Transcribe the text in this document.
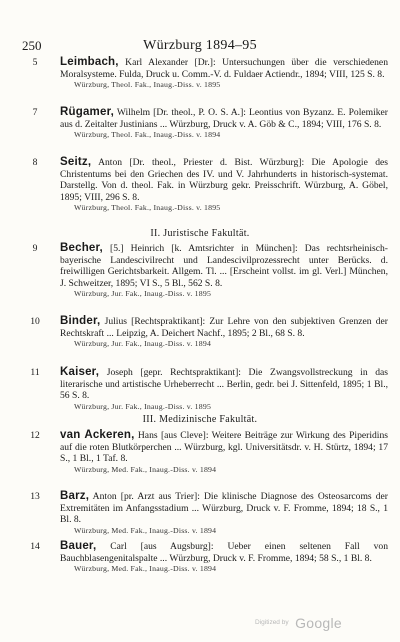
250	Würzburg 1894–95
5	Leimbach, Karl Alexander [Dr.]: Untersuchungen über die verschiedenen Moralsysteme. Fulda, Druck u. Comm.-V. d. Fuldaer Actiendr., 1894; VIII, 125 S. 8.
Würzburg, Theol. Fak., Inaug.-Diss. v. 1895
7	Rügamer, Wilhelm [Dr. theol., P. O. S. A.]: Leontius von Byzanz. E. Polemiker aus d. Zeitalter Justinians ... Würzburg, Druck v. A. Göb & C., 1894; VIII, 176 S. 8.
Würzburg, Theol. Fak., Inaug.-Diss. v. 1894
8	Seitz, Anton [Dr. theol., Priester d. Bist. Würzburg]: Die Apologie des Christentums bei den Griechen des IV. und V. Jahrhunderts in historisch-systemat. Darstellg. Von d. theol. Fak. in Würzburg gekr. Preisschrift. Würzburg, A. Göbel, 1895; VIII, 296 S. 8.
Würzburg, Theol. Fak., Inaug.-Diss. v. 1895
II. Juristische Fakultät.
9	Becher, [5.] Heinrich [k. Amtsrichter in München]: Das rechtsrheinisch-bayerische Landescivilrecht und Landescivilprozessrecht unter Berücks. d. freiwilligen Gerichtsbarkeit. Allgem. Tl. ... [Erscheint vollst. im gl. Verl.] München, J. Schweitzer, 1895; VI S., 5 Bl., 562 S. 8.
Würzburg, Jur. Fak., Inaug.-Diss. v. 1895
10	Binder, Julius [Rechtspraktikant]: Zur Lehre von den subjektiven Grenzen der Rechtskraft ... Leipzig, A. Deichert Nachf., 1895; 2 Bl., 68 S. 8.
Würzburg, Jur. Fak., Inaug.-Diss. v. 1894
11	Kaiser, Joseph [gepr. Rechtspraktikant]: Die Zwangsvollstreckung in das literarische und artistische Urheberrecht ... Berlin, gedr. bei J. Sittenfeld, 1895; 1 Bl., 56 S. 8.
Würzburg, Jur. Fak., Inaug.-Diss. v. 1895
III. Medizinische Fakultät.
12	van Ackeren, Hans [aus Cleve]: Weitere Beiträge zur Wirkung des Piperidins auf die roten Blutkörperchen ... Würzburg, kgl. Universitätsdr. v. H. Stürtz, 1894; 17 S., 1 Bl., 1 Taf. 8.
Würzburg, Med. Fak., Inaug.-Diss. v. 1894
13	Barz, Anton [pr. Arzt aus Trier]: Die klinische Diagnose des Osteosarcoms der Extremitäten im Anfangsstadium ... Würzburg, Druck v. F. Fromme, 1894; 18 S., 1 Bl. 8.
Würzburg, Med. Fak., Inaug.-Diss. v. 1894
14	Bauer, Carl [aus Augsburg]: Ueber einen seltenen Fall von Bauchblasengenitalspalte ... Würzburg, Druck v. F. Fromme, 1894; 58 S., 1 Bl. 8.
Würzburg, Med. Fak., Inaug.-Diss. v. 1894
Digitized by Google
